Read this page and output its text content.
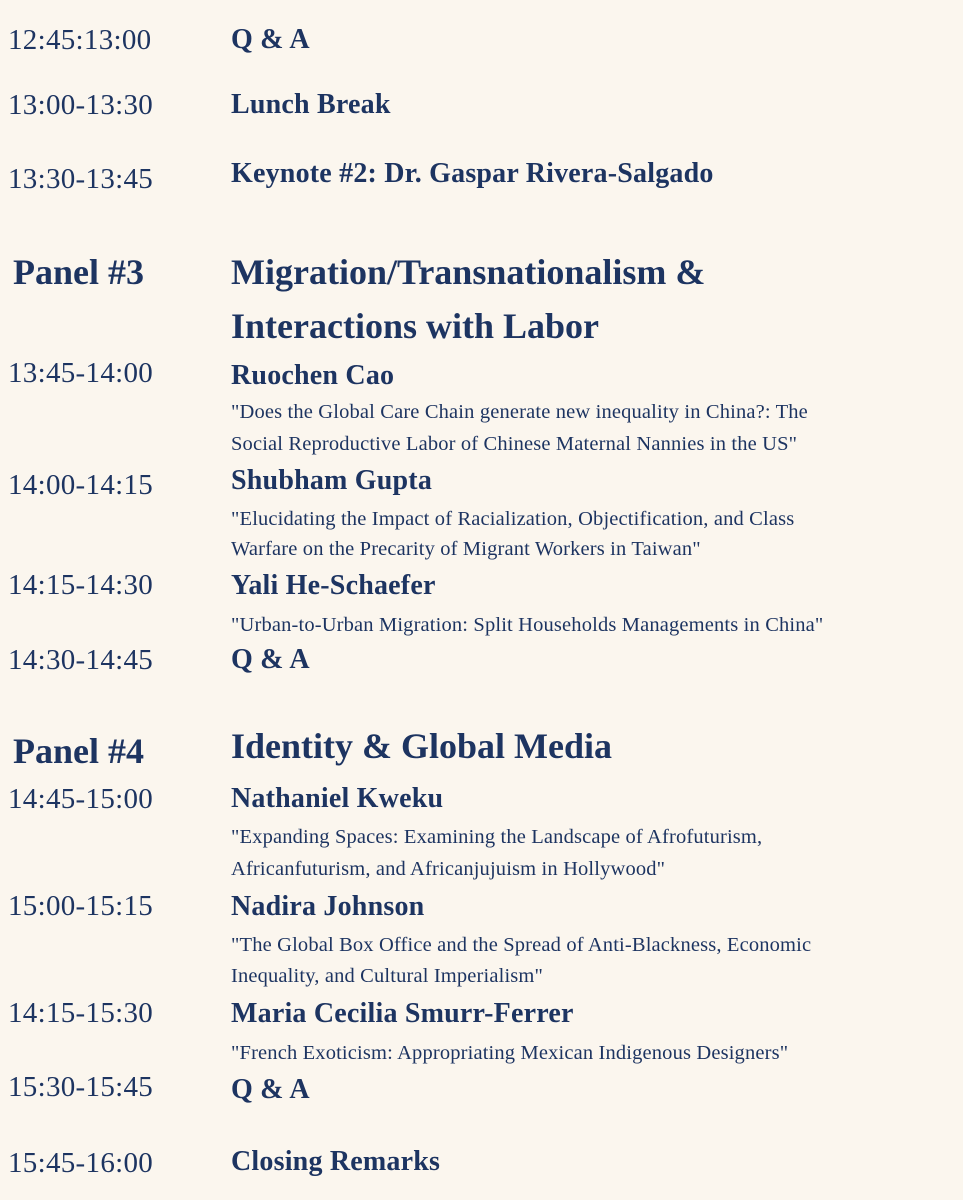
12:45:13:00	Q & A
13:00-13:30	Lunch Break
13:30-13:45	Keynote #2: Dr. Gaspar Rivera-Salgado
Panel #3 Migration/Transnationalism &
Interactions with Labor
13:45-14:00	Ruochen Cao
"Does the Global Care Chain generate new inequality in China?: The
Social Reproductive Labor of Chinese Maternal Nannies in the US"
14:00-14:15	Shubham Gupta
"Elucidating the Impact of Racialization, Objectification, and Class
Warfare on the Precarity of Migrant Workers in Taiwan"
14:15-14:30	Yali He-Schaefer
"Urban-to-Urban Migration: Split Households Managements in China"
14:30-14:45	Q & A
Panel #4 Identity & Global Media
14:45-15:00	Nathaniel Kweku
"Expanding Spaces: Examining the Landscape of Afrofuturism,
Africanfuturism, and Africanjujuism in Hollywood"
15:00-15:15	Nadira Johnson
"The Global Box Office and the Spread of Anti-Blackness, Economic
Inequality, and Cultural Imperialism"
14:15-15:30	Maria Cecilia Smurr-Ferrer
"French Exoticism: Appropriating Mexican Indigenous Designers"
15:30-15:45	Q & A
15:45-16:00	Closing Remarks
